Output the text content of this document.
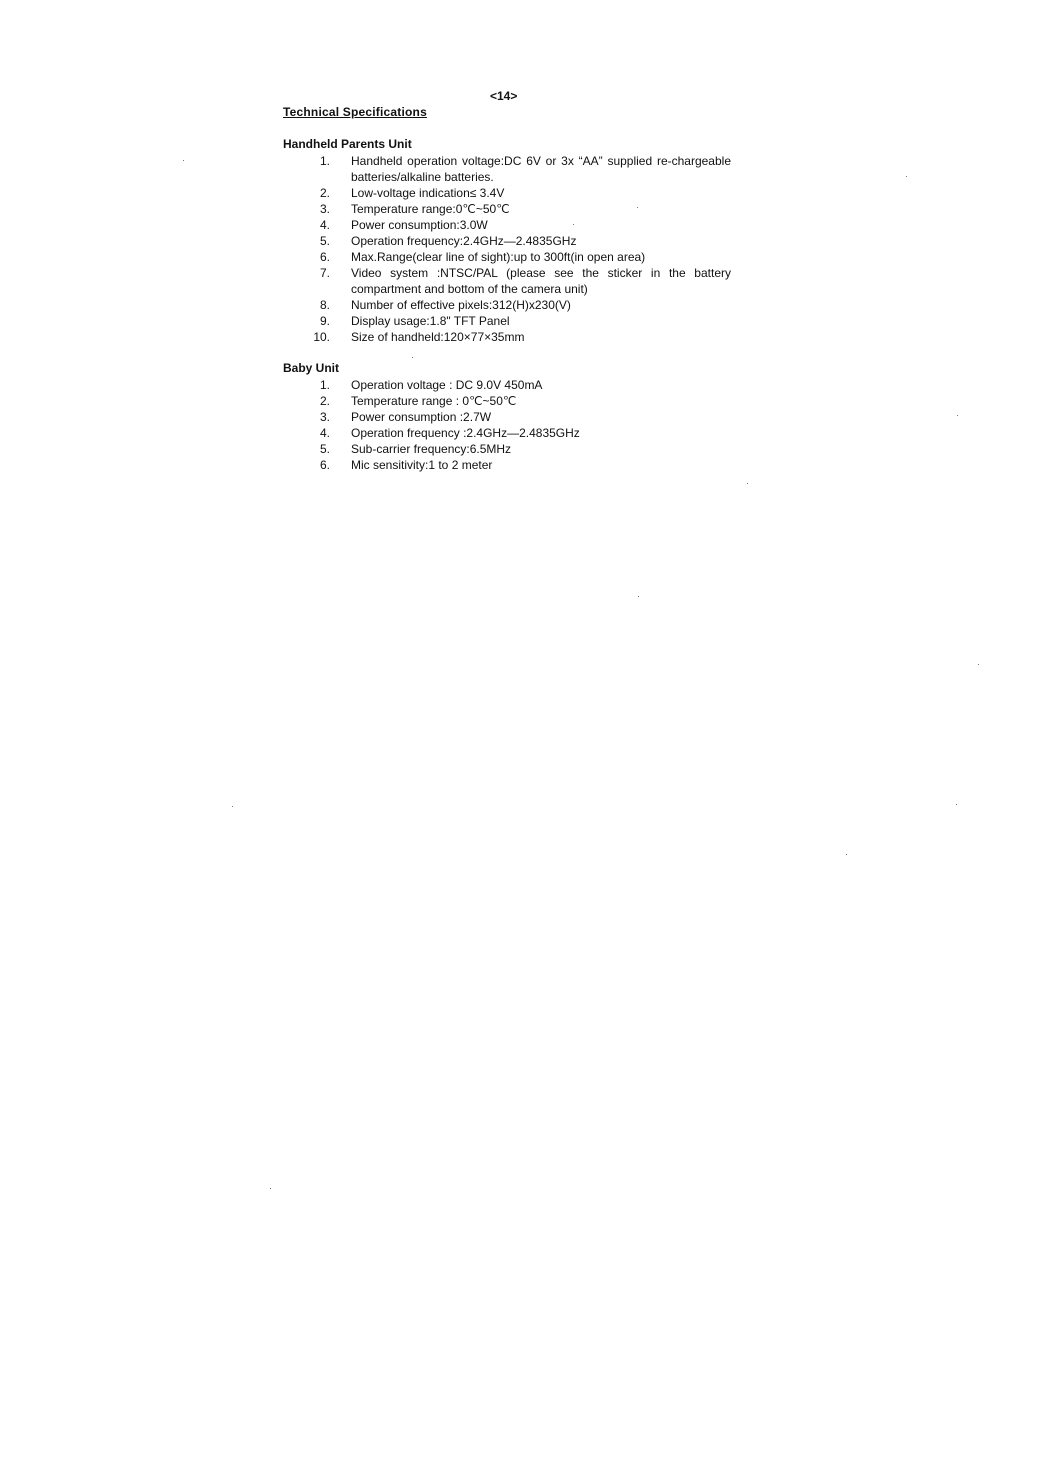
<14>
Technical Specifications
Handheld Parents Unit
1. Handheld operation voltage:DC 6V or 3x “AA” supplied re-chargeable batteries/alkaline batteries.
2. Low-voltage indication≤ 3.4V
3. Temperature range:0℃~50℃
4. Power consumption:3.0W
5. Operation frequency:2.4GHz—2.4835GHz
6. Max.Range(clear line of sight):up to 300ft(in open area)
7. Video system :NTSC/PAL (please see the sticker in the battery compartment and bottom of the camera unit)
8. Number of effective pixels:312(H)x230(V)
9. Display usage:1.8" TFT Panel
10. Size of handheld:120×77×35mm
Baby Unit
1. Operation voltage : DC 9.0V 450mA
2. Temperature range : 0℃~50℃
3. Power consumption :2.7W
4. Operation frequency :2.4GHz—2.4835GHz
5. Sub-carrier frequency:6.5MHz
6. Mic sensitivity:1 to 2 meter
